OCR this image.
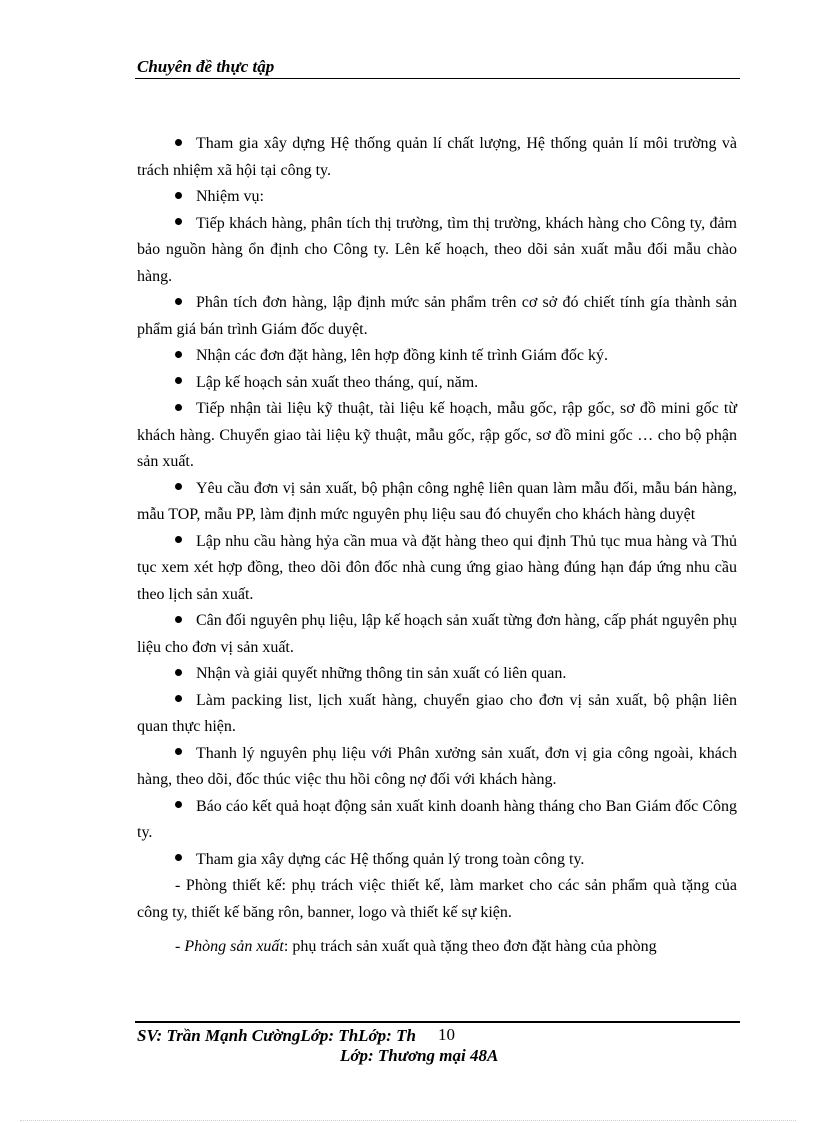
Chuyên đề thực tập

Tham gia xây dựng Hệ thống quản lí chất lượng, Hệ thống quản lí môi trường và trách nhiệm xã hội tại công ty.

Nhiệm vụ:

Tiếp khách hàng, phân tích thị trường, tìm thị trường, khách hàng cho Công ty, đảm bảo nguồn hàng ổn định cho Công ty. Lên kế hoạch, theo dõi sản xuất mẫu đối mẫu chào hàng.

Phân tích đơn hàng, lập định mức sản phẩm trên cơ sở đó chiết tính gía thành sản phẩm giá bán trình Giám đốc duyệt.

Nhận các đơn đặt hàng, lên hợp đồng kinh tế trình Giám đốc ký.

Lập kế hoạch sản xuất theo tháng, quí, năm.

Tiếp nhận tài liệu kỹ thuật, tài liệu kế hoạch, mẫu gốc, rập gốc, sơ đồ mini gốc từ khách hàng. Chuyển giao tài liệu kỹ thuật, mẫu gốc, rập gốc, sơ đồ mini gốc … cho bộ phận sản xuất.

Yêu cầu đơn vị sản xuất, bộ phận công nghệ liên quan làm mẫu đối, mẫu bán hàng, mẫu TOP, mẫu PP, làm định mức nguyên phụ liệu sau đó chuyển cho khách hàng duyệt

Lập nhu cầu hàng hỷa cần mua và đặt hàng theo qui định Thủ tục mua hàng và Thủ tục xem xét hợp đồng, theo dõi đôn đốc nhà cung ứng giao hàng đúng hạn đáp ứng nhu cầu theo lịch sản xuất.

Cân đối nguyên phụ liệu, lập kế hoạch sản xuất từng đơn hàng, cấp phát nguyên phụ liệu cho đơn vị sản xuất.

Nhận và giải quyết những thông tin sản xuất có liên quan.

Làm packing list, lịch xuất hàng, chuyển giao cho đơn vị sản xuất, bộ phận liên quan thực hiện.

Thanh lý nguyên phụ liệu với Phân xưởng sản xuất, đơn vị gia công ngoài, khách hàng, theo dõi, đốc thúc việc thu hồi công nợ đối với khách hàng.

Báo cáo kết quả hoạt động sản xuất kinh doanh hàng tháng cho Ban Giám đốc Công ty.

Tham gia xây dựng các Hệ thống quản lý trong toàn công ty.

- Phòng thiết kế: phụ trách việc thiết kế, làm market cho các sản phẩm quà tặng của công ty, thiết kế băng rôn, banner, logo và thiết kế sự kiện.

- Phòng sản xuất: phụ trách sản xuất quà tặng theo đơn đặt hàng của phòng

SV: Trần Mạnh CườngLớp: ThLớp: Th 10
Lớp: Thương mại 48A
